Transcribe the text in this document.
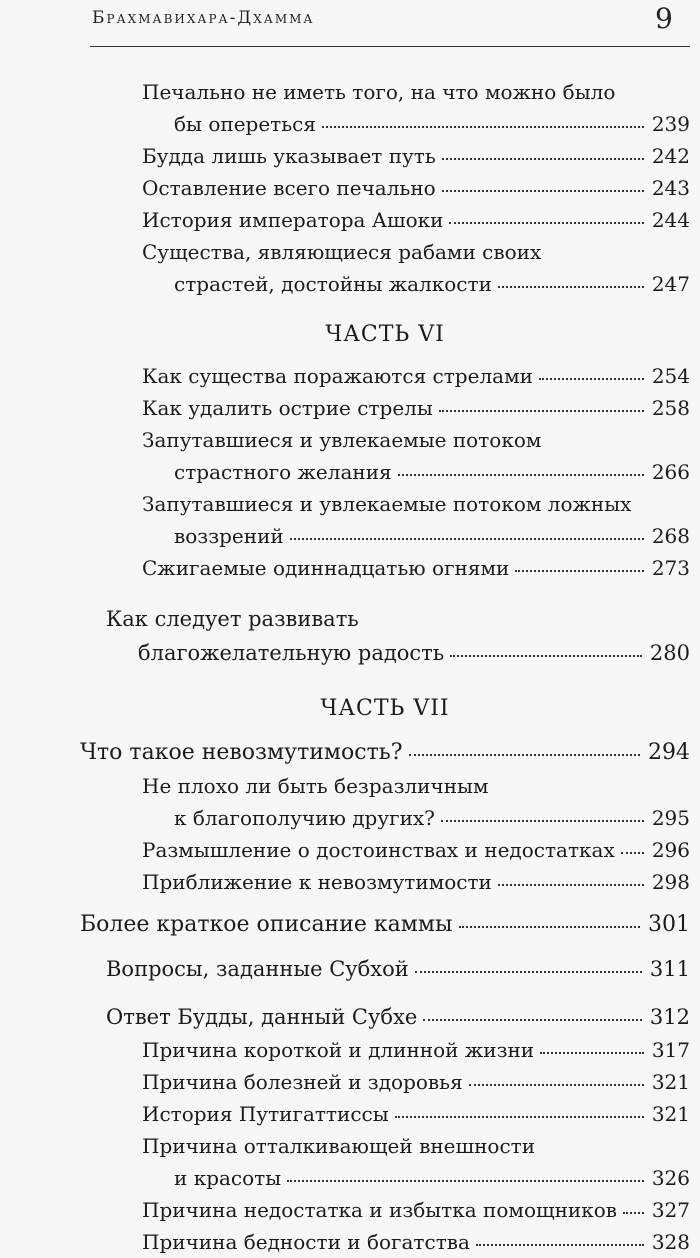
Брахмавихара-Дхамма	9
Печально не иметь того, на что можно было
бы опереться	239
Будда лишь указывает путь	242
Оставление всего печально	243
История императора Ашоки	244
Существа, являющиеся рабами своих
страстей, достойны жалкости	247
ЧАСТЬ VI
Как существа поражаются стрелами	254
Как удалить острие стрелы	258
Запутавшиеся и увлекаемые потоком
страстного желания	266
Запутавшиеся и увлекаемые потоком ложных
воззрений	268
Сжигаемые одиннадцатью огнями	273
Как следует развивать
благожелательную радость	280
ЧАСТЬ VII
Что такое невозмутимость?	294
Не плохо ли быть безразличным
к благополучию других?	295
Размышление о достоинствах и недостатках 296
Приближение к невозмутимости	298
Более краткое описание каммы	301
Вопросы, заданные Субхой	311
Ответ Будды, данный Субхе	312
Причина короткой и длинной жизни	317
Причина болезней и здоровья	321
История Путигаттиссы	321
Причина отталкивающей внешности
и красоты	326
Причина недостатка и избытка помощников 327
Причина бедности и богатства	328
